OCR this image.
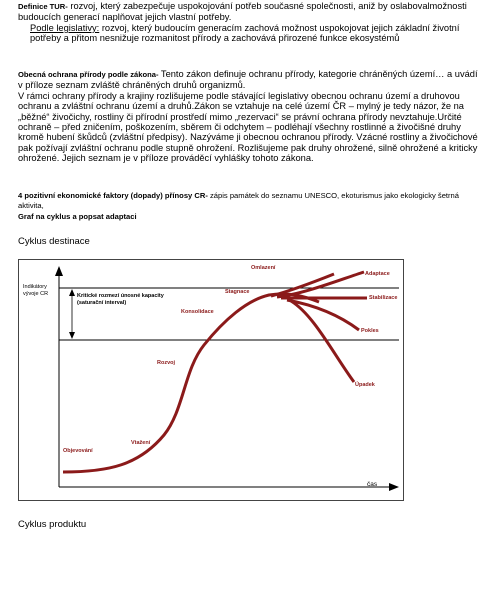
Definice TUR- rozvoj, který zabezpečuje uspokojování potřeb současné společnosti, aniž by oslabovalmožnosti budoucích generací naplňovat jejich vlastní potřeby.
Podle legislativy: rozvoj, který budoucím generacím zachová možnost uspokojovat jejich základní životní potřeby a přitom nesnižuje rozmanitost přírody a zachovává přirozené funkce ekosystémů
Obecná ochrana přírody podle zákona- Tento zákon definuje ochranu přírody, kategorie chráněných území… a uvádí v příloze seznam zvláště chráněných druhů organizmů.
V rámci ochrany přírody a krajiny rozlišujeme podle stávající legislativy obecnou ochranu území a druhovou ochranu a zvláštní ochranu území a druhů.Zákon se vztahuje na celé území ČR – mylný je tedy názor, že na „běžné“ živočichy, rostliny či přírodní prostředí mimo „rezervaci“ se právní ochrana přírody nevztahuje.Určité ochraně – před zničením, poškozením, sběrem či odchytem – podléhají všechny rostlinné a živočišné druhy kromě hubení škůdců (zvláštní předpisy). Nazýváme ji obecnou ochranou přírody. Vzácné rostliny a živočichové pak požívají zvláštní ochranu podle stupně ohrožení. Rozlišujeme pak druhy ohrožené, silně ohrožené a kriticky ohrožené. Jejich seznam je v příloze prováděcí vyhlášky tohoto zákona.
4 pozitivní ekonomické faktory (dopady) přínosy CR- zápis památek do seznamu UNESCO, ekoturismus jako ekologicky šetrná aktivita,
Graf na cyklus a popsat adaptaci
Cyklus destinace
Indikátory vývoje CR
čas
Kritické rozmezí únosné kapacity (saturační interval)
Objevování
Vtažení
Rozvoj
Konsolidace
Stagnace
Omlazení
Adaptace
Stabilizace
Pokles
Úpadek
Cyklus produktu
